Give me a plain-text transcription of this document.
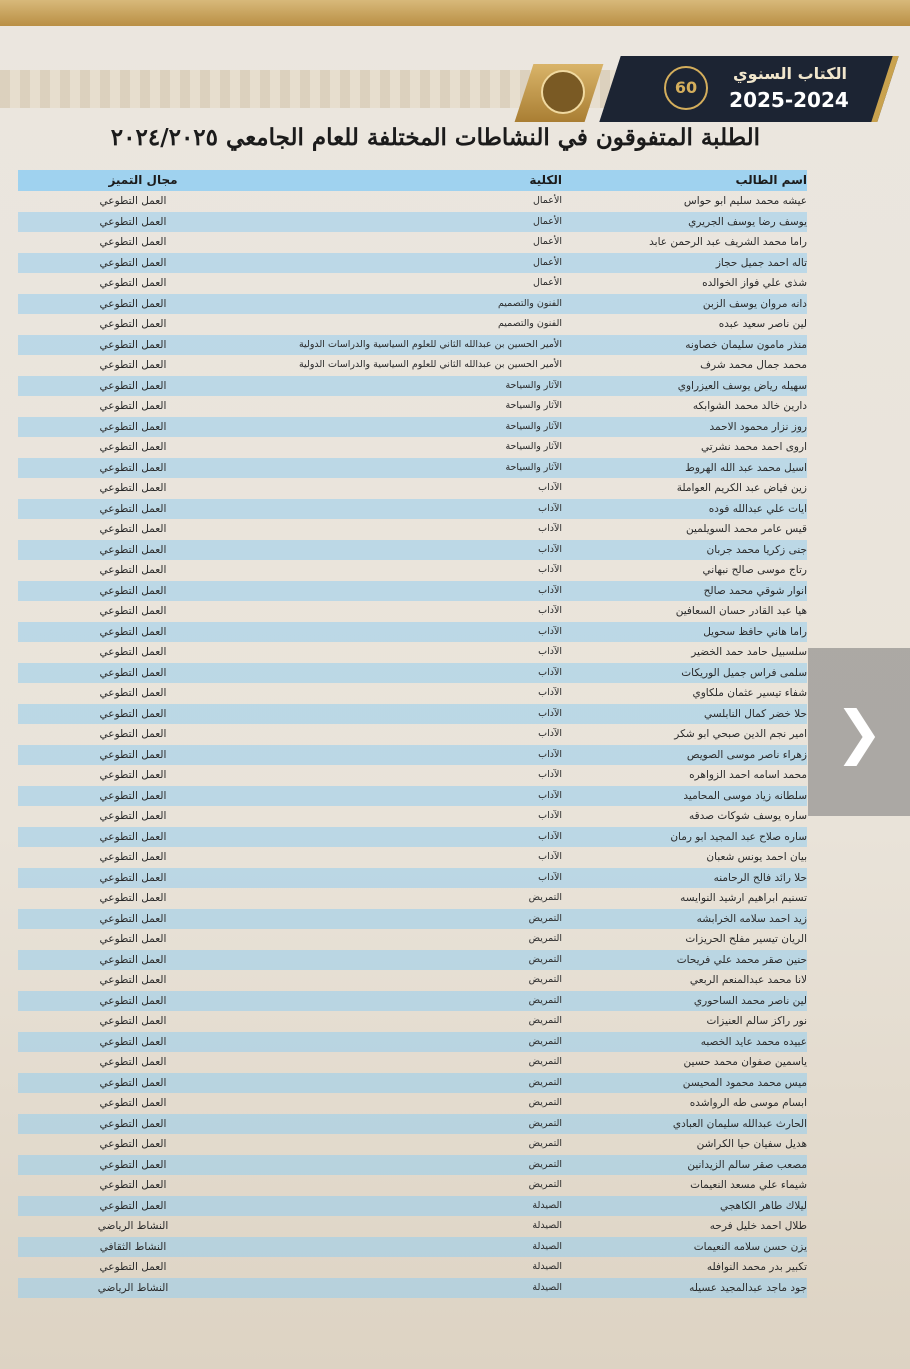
60
الكتاب السنوي
2025-2024
الطلبة المتفوقون في النشاطات المختلفة للعام الجامعي ٢٠٢٤/٢٠٢٥
اسم الطالب
الكلية
مجال التميز
عيشه محمد سليم ابو حواس
الأعمال
العمل التطوعي
يوسف رضا يوسف الجريري
الأعمال
العمل التطوعي
راما محمد الشريف عبد الرحمن عابد
الأعمال
العمل التطوعي
تاله احمد جميل حجاز
الأعمال
العمل التطوعي
شذى علي فواز الخوالده
الأعمال
العمل التطوعي
دانه مروان يوسف الزبن
الفنون والتصميم
العمل التطوعي
لين ناصر سعيد عبده
الفنون والتصميم
العمل التطوعي
منذر مامون سليمان خصاونه
الأمير الحسين بن عبدالله الثاني للعلوم السياسية والدراسات الدولية
العمل التطوعي
محمد جمال محمد شرف
الأمير الحسين بن عبدالله الثاني للعلوم السياسية والدراسات الدولية
العمل التطوعي
سهيله رياض يوسف العيزراوي
الآثار والسياحة
العمل التطوعي
دارين خالد محمد الشوابكه
الآثار والسياحة
العمل التطوعي
روز نزار محمود الاحمد
الآثار والسياحة
العمل التطوعي
اروى احمد محمد نشرتي
الآثار والسياحة
العمل التطوعي
اسيل محمد عبد الله الهروط
الآثار والسياحة
العمل التطوعي
زين فياض عبد الكريم العواملة
الآداب
العمل التطوعي
ايات علي عبدالله فوده
الآداب
العمل التطوعي
قيس عامر محمد السويلمين
الآداب
العمل التطوعي
جنى زكريا محمد جربان
الآداب
العمل التطوعي
رتاج موسى صالح نبهاني
الآداب
العمل التطوعي
انوار شوقي محمد صالح
الآداب
العمل التطوعي
هيا عبد القادر حسان السعافين
الآداب
العمل التطوعي
راما هاني حافظ سحويل
الآداب
العمل التطوعي
سلسبيل حامد حمد الخضير
الآداب
العمل التطوعي
سلمى فراس جميل الوريكات
الآداب
العمل التطوعي
شفاء تيسير عثمان ملكاوي
الآداب
العمل التطوعي
حلا خضر كمال النابلسي
الآداب
العمل التطوعي
امير نجم الدين صبحي ابو شكر
الآداب
العمل التطوعي
زهراء ناصر موسى الصويص
الآداب
العمل التطوعي
محمد اسامه احمد الزواهره
الآداب
العمل التطوعي
سلطانه زياد موسى المحاميد
الآداب
العمل التطوعي
ساره يوسف شوكات صدقه
الآداب
العمل التطوعي
ساره صلاح عبد المجيد ابو رمان
الآداب
العمل التطوعي
بيان احمد يونس شعبان
الآداب
العمل التطوعي
حلا رائد فالح الرحامنه
الآداب
العمل التطوعي
تسنيم ابراهيم ارشيد النوايسه
التمريض
العمل التطوعي
زيد احمد سلامه الخرابشه
التمريض
العمل التطوعي
الريان تيسير مفلح الحريزات
التمريض
العمل التطوعي
حنين صقر محمد علي فريحات
التمريض
العمل التطوعي
لانا محمد عبدالمنعم الربعي
التمريض
العمل التطوعي
لين ناصر محمد الساحوري
التمريض
العمل التطوعي
نور راكز سالم العنيزات
التمريض
العمل التطوعي
عبيده محمد عايد الخصبه
التمريض
العمل التطوعي
ياسمين صفوان محمد حسين
التمريض
العمل التطوعي
ميس محمد محمود المحيسن
التمريض
العمل التطوعي
ابسام موسى طه الرواشده
التمريض
العمل التطوعي
الحارث عبدالله سليمان العبادي
التمريض
العمل التطوعي
هديل سفيان حيا الكراشن
التمريض
العمل التطوعي
مصعب صقر سالم الزيدانين
التمريض
العمل التطوعي
شيماء علي مسعد النعيمات
التمريض
العمل التطوعي
ليلاك طاهر الكاهجي
الصيدلة
العمل التطوعي
طلال احمد خليل فرحه
الصيدلة
النشاط الرياضي
يزن حسن سلامه النعيمات
الصيدلة
النشاط الثقافي
تكبير بدر محمد النوافله
الصيدلة
العمل التطوعي
جود ماجد عبدالمجيد عسيله
الصيدلة
النشاط الرياضي
❯
